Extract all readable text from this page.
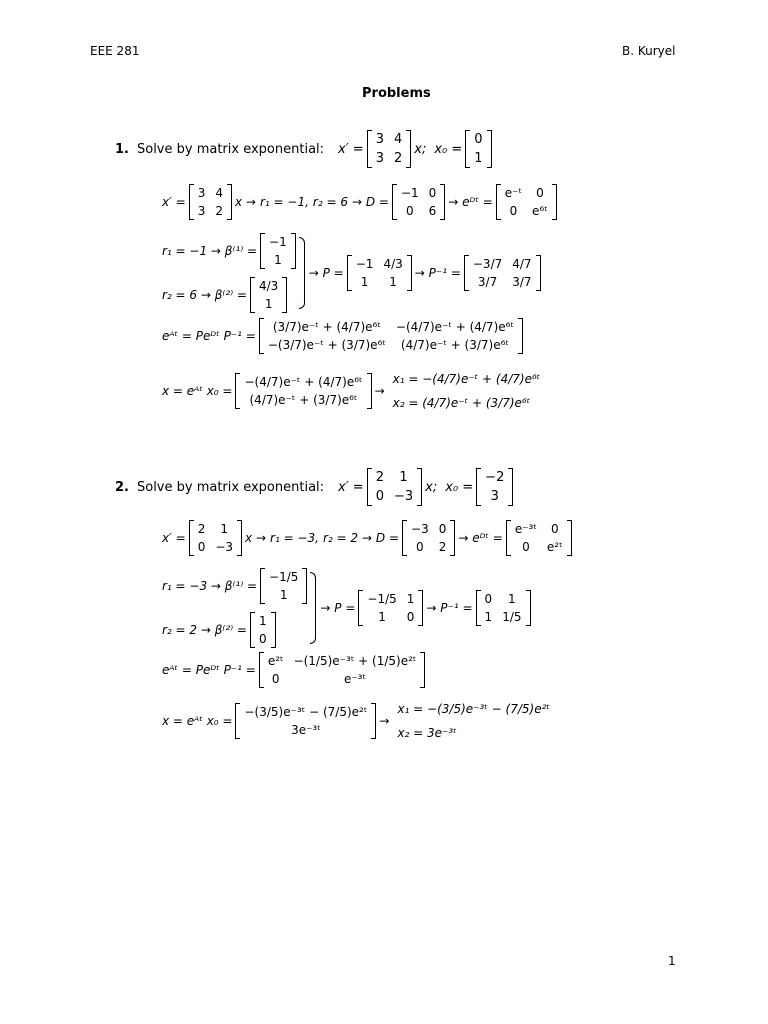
EEE 281	B. Kuryel
Problems
1. Solve by matrix exponential: x′ =
3 4
3 2
x; x₀ =
0
1
x′ =
3 4
3 2
x → r₁ = −1, r₂ = 6 → D =
−1 0
0 6
→ eᴰᵗ =
e⁻ᵗ 0
0 e⁶ᵗ
r₁ = −1 → β⁽¹⁾ =
−1
1
r₂ = 6 → β⁽²⁾ =
4/3
1
→ P =
−1 4/3
1 1
→ P⁻¹ =
−3/7 4/7
3/7 3/7
eᴬᵗ = Peᴰᵗ P⁻¹ =
(3/7)e⁻ᵗ + (4/7)e⁶ᵗ −(4/7)e⁻ᵗ + (4/7)e⁶ᵗ
−(3/7)e⁻ᵗ + (3/7)e⁶ᵗ (4/7)e⁻ᵗ + (3/7)e⁶ᵗ
x = eᴬᵗ x₀ =
−(4/7)e⁻ᵗ + (4/7)e⁶ᵗ
(4/7)e⁻ᵗ + (3/7)e⁶ᵗ
→
x₁ = −(4/7)e⁻ᵗ + (4/7)e⁶ᵗ
x₂ = (4/7)e⁻ᵗ + (3/7)e⁶ᵗ
2. Solve by matrix exponential: x′ =
2 1
0 −3
x; x₀ =
−2
3
x′ =
2 1
0 −3
x → r₁ = −3, r₂ = 2 → D =
−3 0
0 2
→ eᴰᵗ =
e⁻³ᵗ 0
0 e²ᵗ
r₁ = −3 → β⁽¹⁾ =
−1/5
1
r₂ = 2 → β⁽²⁾ =
1
0
→ P =
−1/5 1
1 0
→ P⁻¹ =
0 1
1 1/5
eᴬᵗ = Peᴰᵗ P⁻¹ =
e²ᵗ −(1/5)e⁻³ᵗ + (1/5)e²ᵗ
0	e⁻³ᵗ
x = eᴬᵗ x₀ =
−(3/5)e⁻³ᵗ − (7/5)e²ᵗ
3e⁻³ᵗ
→
x₁ = −(3/5)e⁻³ᵗ − (7/5)e²ᵗ
x₂ = 3e⁻³ᵗ
1
